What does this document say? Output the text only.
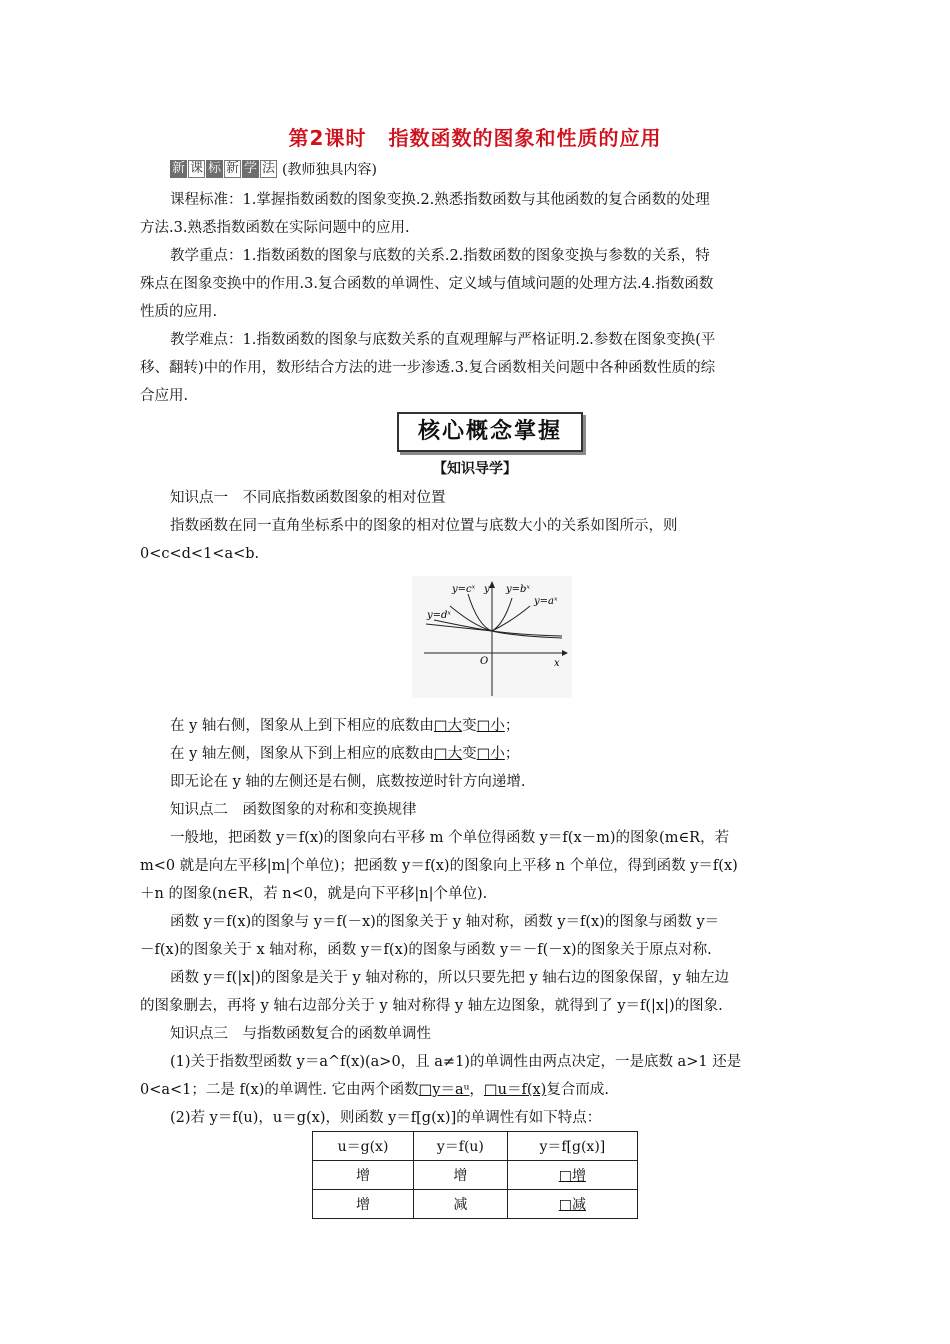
第2课时 指数函数的图象和性质的应用
新 课 标 新 学 法 (教师独具内容)
课程标准：1.掌握指数函数的图象变换.2.熟悉指数函数与其他函数的复合函数的处理
方法.3.熟悉指数函数在实际问题中的应用.
教学重点：1.指数函数的图象与底数的关系.2.指数函数的图象变换与参数的关系，特
殊点在图象变换中的作用.3.复合函数的单调性、定义域与值域问题的处理方法.4.指数函数
性质的应用.
教学难点：1.指数函数的图象与底数关系的直观理解与严格证明.2.参数在图象变换(平
移、翻转)中的作用，数形结合方法的进一步渗透.3.复合函数相关问题中各种函数性质的综
合应用.
核心概念掌握
【知识导学】
知识点一　不同底指数函数图象的相对位置
指数函数在同一直角坐标系中的图象的相对位置与底数大小的关系如图所示，则
0<c<d<1<a<b.
y=cˣ y y=bˣ
y=aˣ
y=dˣ
O	x
在 y 轴右侧，图象从上到下相应的底数由□大变□小；
在 y 轴左侧，图象从下到上相应的底数由□大变□小；
即无论在 y 轴的左侧还是右侧，底数按逆时针方向递增.
知识点二　函数图象的对称和变换规律
一般地，把函数 y＝f(x)的图象向右平移 m 个单位得函数 y＝f(x－m)的图象(m∈R，若
m<0 就是向左平移|m|个单位)；把函数 y＝f(x)的图象向上平移 n 个单位，得到函数 y＝f(x)
＋n 的图象(n∈R，若 n<0，就是向下平移|n|个单位).
函数 y＝f(x)的图象与 y＝f(－x)的图象关于 y 轴对称，函数 y＝f(x)的图象与函数 y＝
－f(x)的图象关于 x 轴对称，函数 y＝f(x)的图象与函数 y＝－f(－x)的图象关于原点对称.
函数 y＝f(|x|)的图象是关于 y 轴对称的，所以只要先把 y 轴右边的图象保留，y 轴左边
的图象删去，再将 y 轴右边部分关于 y 轴对称得 y 轴左边图象，就得到了 y＝f(|x|)的图象.
知识点三　与指数函数复合的函数单调性
(1)关于指数型函数 y＝a^f(x)(a>0，且 a≠1)的单调性由两点决定，一是底数 a>1 还是
0<a<1；二是 f(x)的单调性. 它由两个函数□y＝aᵘ，□u＝f(x)复合而成.
(2)若 y＝f(u)，u＝g(x)，则函数 y＝f[g(x)]的单调性有如下特点：
u＝g(x)	y＝f(u)	y＝f[g(x)]
增	增	□增
增	减	□减
